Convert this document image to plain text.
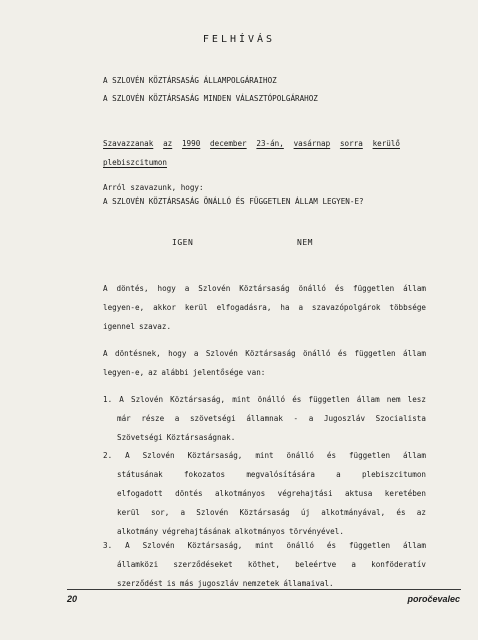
FELHÍVÁS
A SZLOVÉN KÖZTÁRSASÁG ÁLLAMPOLGÁRAIHOZ
A SZLOVÉN KÖZTÁRSASÁG MINDEN VÁLASZTÓPOLGÁRAHOZ
Szavazzanak az 1990 december 23-án, vasárnap sorra kerülő
plebiszcitumon
Arról szavazunk, hogy:
A SZLOVÉN KÖZTÁRSASÁG ÖNÁLLÓ ÉS FÜGGETLEN ÁLLAM LEGYEN-E?
IGEN	NEM
A döntés, hogy a Szlovén Köztársaság önálló és független állam
legyen-e, akkor kerül elfogadásra, ha a szavazópolgárok többsége
igennel szavaz.
A döntésnek, hogy a Szlovén Köztársaság önálló és független állam
legyen-e, az alábbi jelentősége van:
1. A Szlovén Köztársaság, mint önálló és független állam nem lesz
már része a szövetségi államnak - a Jugoszláv Szocialista
Szövetségi Köztársaságnak.
2. A Szlovén Köztársaság, mint önálló és független állam
státusának	fokozatos	megvalósítására	a	plebiszcitumon
elfogadott döntés alkotmányos végrehajtási aktusa keretében
kerül sor, a Szlovén Köztársaság új alkotmányával, és az
alkotmány végrehajtásának alkotmányos törvényével.
3. A Szlovén Köztársaság, mint önálló és független állam
államközi szerződéseket köthet, beleértve a konföderatív
szerződést is más jugoszláv nemzetek államaival.
20	poročevalec
